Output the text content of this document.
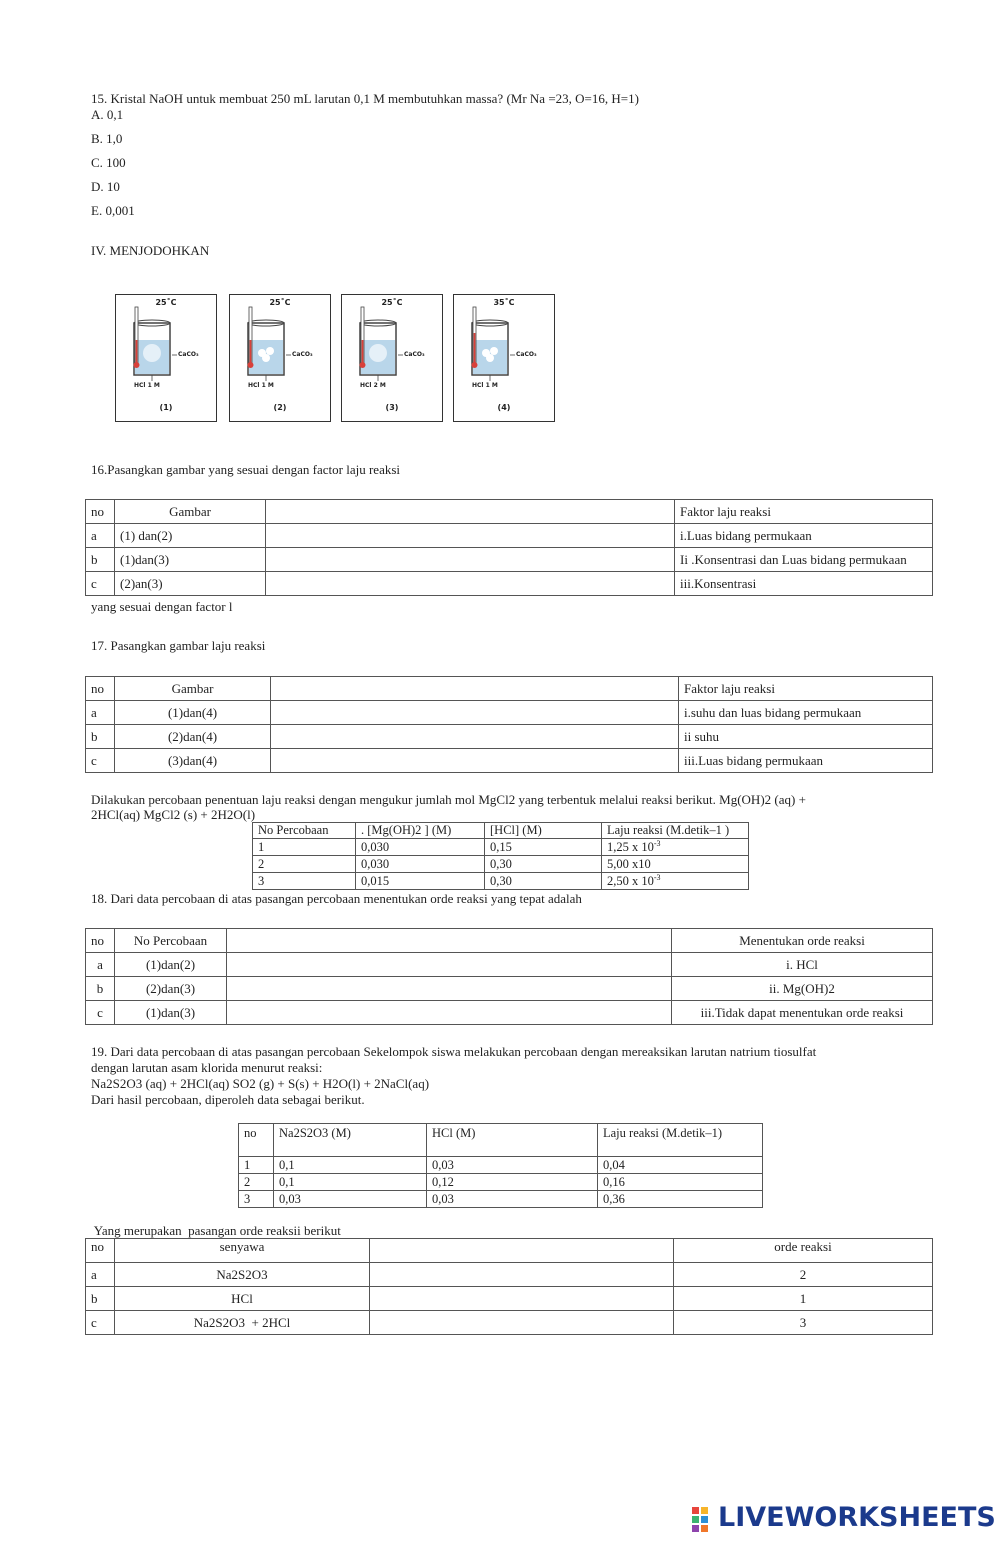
15. Kristal NaOH untuk membuat 250 mL larutan 0,1 M membutuhkan massa? (Mr Na =23, O=16, H=1)
A. 0,1
B. 1,0
C. 100
D. 10
E. 0,001
IV. MENJODOHKAN
25˚C
CaCO₃
HCl 1 M
(1)
25˚C
CaCO₃
HCl 1 M
(2)
25˚C
CaCO₃
HCl 2 M
(3)
35˚C
CaCO₃
HCl 1 M
(4)
16.Pasangkan gambar yang sesuai dengan factor laju reaksi
no	Gambar		Faktor laju reaksi
a	(1) dan(2)		i.Luas bidang permukaan
b	(1)dan(3)		Ii .Konsentrasi dan Luas bidang permukaan
c	(2)an(3)		iii.Konsentrasi
yang sesuai dengan factor l
17. Pasangkan gambar laju reaksi
no	Gambar		Faktor laju reaksi
a	(1)dan(4)		i.suhu dan luas bidang permukaan
b	(2)dan(4)		ii suhu
c	(3)dan(4)		iii.Luas bidang permukaan
Dilakukan percobaan penentuan laju reaksi dengan mengukur jumlah mol MgCl2 yang terbentuk melalui reaksi berikut. Mg(OH)2 (aq) +
2HCl(aq) MgCl2 (s) + 2H2O(l)
No Percobaan	. [Mg(OH)2 ] (M)	[HCl] (M)	Laju reaksi (M.detik–1 )
1	0,030	0,15	1,25 x $10^{-3}$
2	0,030	0,30	5,00 x10
3	0,015	0,30	2,50 x $10^{-3}$
18. Dari data percobaan di atas pasangan percobaan menentukan orde reaksi yang tepat adalah
no	No Percobaan		Menentukan orde reaksi
a	(1)dan(2)		i. HCl
b	(2)dan(3)		ii. Mg(OH)2
c	(1)dan(3)		iii.Tidak dapat menentukan orde reaksi
19. Dari data percobaan di atas pasangan percobaan Sekelompok siswa melakukan percobaan dengan mereaksikan larutan natrium tiosulfat
dengan larutan asam klorida menurut reaksi:
Na2S2O3 (aq) + 2HCl(aq) SO2 (g) + S(s) + H2O(l) + 2NaCl(aq)
Dari hasil percobaan, diperoleh data sebagai berikut.
no	Na2S2O3 (M)	HCl (M)	Laju reaksi (M.detik–1)
1	0,1	0,03	0,04
2	0,1	0,12	0,16
3	0,03	0,03	0,36
Yang merupakan  pasangan orde reaksii berikut
no	senyawa		orde reaksi
a	Na2S2O3		2
b	HCl		1
c	Na2S2O3  + 2HCl		3
LIVEWORKSHEETS
